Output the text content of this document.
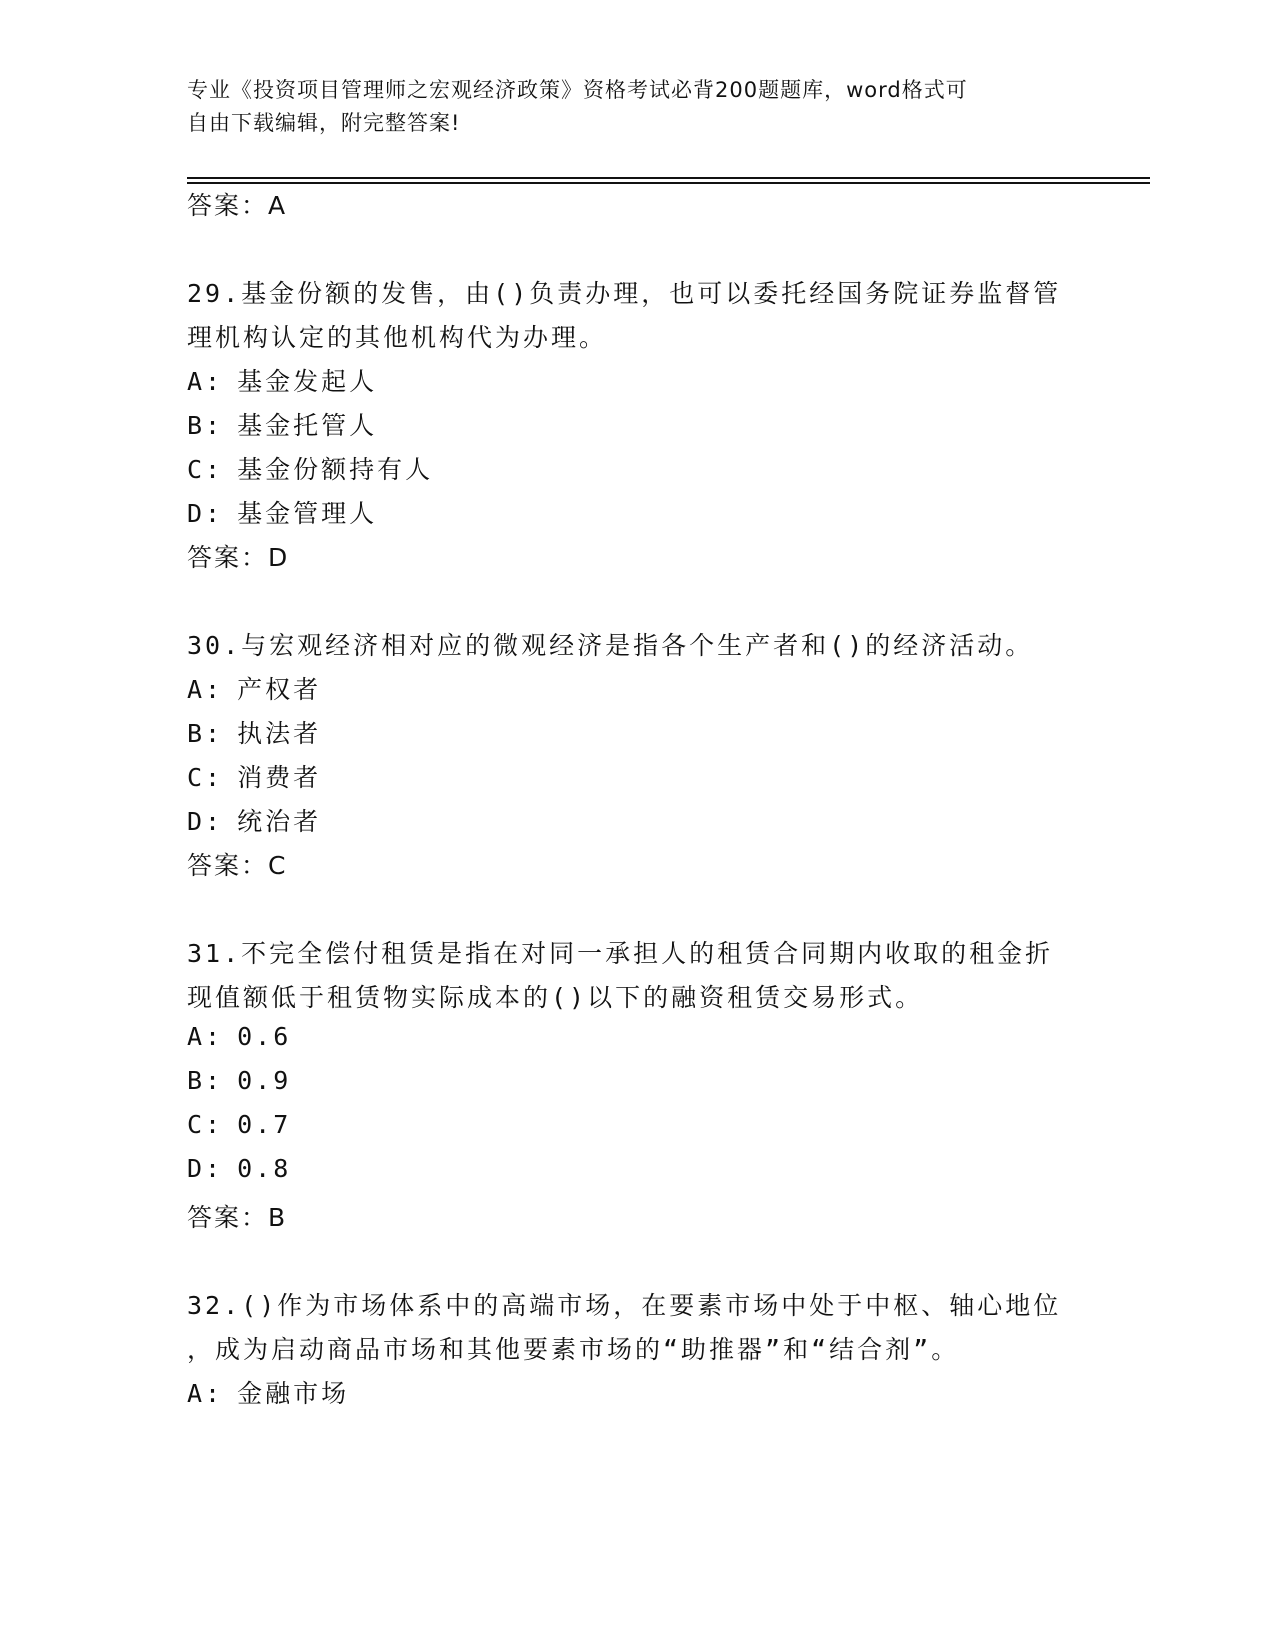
专业《投资项目管理师之宏观经济政策》资格考试必背200题题库，word格式可
自由下载编辑，附完整答案!
答案：A
29.基金份额的发售，由()负责办理，也可以委托经国务院证券监督管
理机构认定的其他机构代为办理。
A: 基金发起人
B: 基金托管人
C: 基金份额持有人
D: 基金管理人
答案：D
30.与宏观经济相对应的微观经济是指各个生产者和()的经济活动。
A: 产权者
B: 执法者
C: 消费者
D: 统治者
答案：C
31.不完全偿付租赁是指在对同一承担人的租赁合同期内收取的租金折
现值额低于租赁物实际成本的()以下的融资租赁交易形式。
A: 0.6
B: 0.9
C: 0.7
D: 0.8
答案：B
32.()作为市场体系中的高端市场，在要素市场中处于中枢、轴心地位
，成为启动商品市场和其他要素市场的“助推器”和“结合剂”。
A: 金融市场
